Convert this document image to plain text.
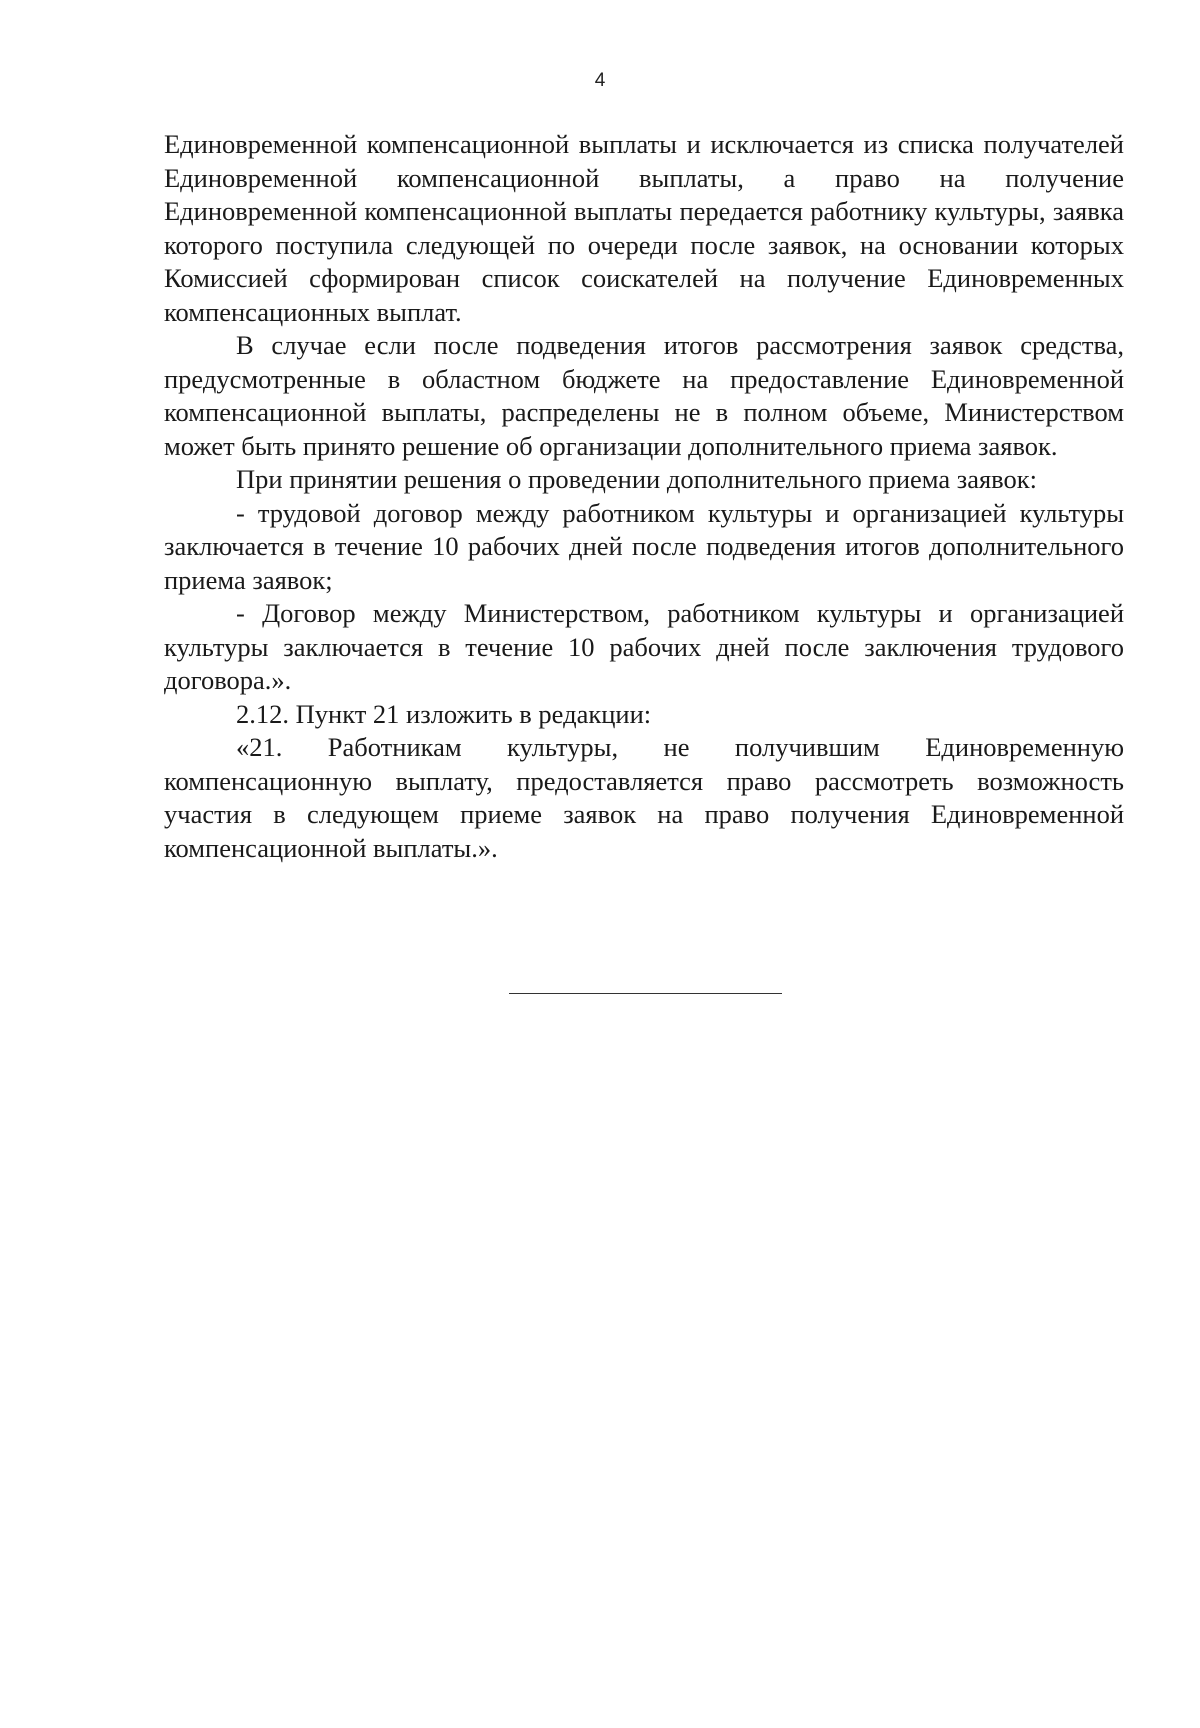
4

Единовременной компенсационной выплаты и исключается из списка получателей Единовременной компенсационной выплаты, а право на получение Единовременной компенсационной выплаты передается работнику культуры, заявка которого поступила следующей по очереди после заявок, на основании которых Комиссией сформирован список соискателей на получение Единовременных компенсационных выплат.

В случае если после подведения итогов рассмотрения заявок средства, предусмотренные в областном бюджете на предоставление Единовременной компенсационной выплаты, распределены не в полном объеме, Министерством может быть принято решение об организации дополнительного приема заявок.

При принятии решения о проведении дополнительного приема заявок:

- трудовой договор между работником культуры и организацией культуры заключается в течение 10 рабочих дней после подведения итогов дополнительного приема заявок;

- Договор между Министерством, работником культуры и организацией культуры заключается в течение 10 рабочих дней после заключения трудового договора.».

2.12. Пункт 21 изложить в редакции:

«21. Работникам культуры, не получившим Единовременную компенсационную выплату, предоставляется право рассмотреть возможность участия в следующем приеме заявок на право получения Единовременной компенсационной выплаты.».
